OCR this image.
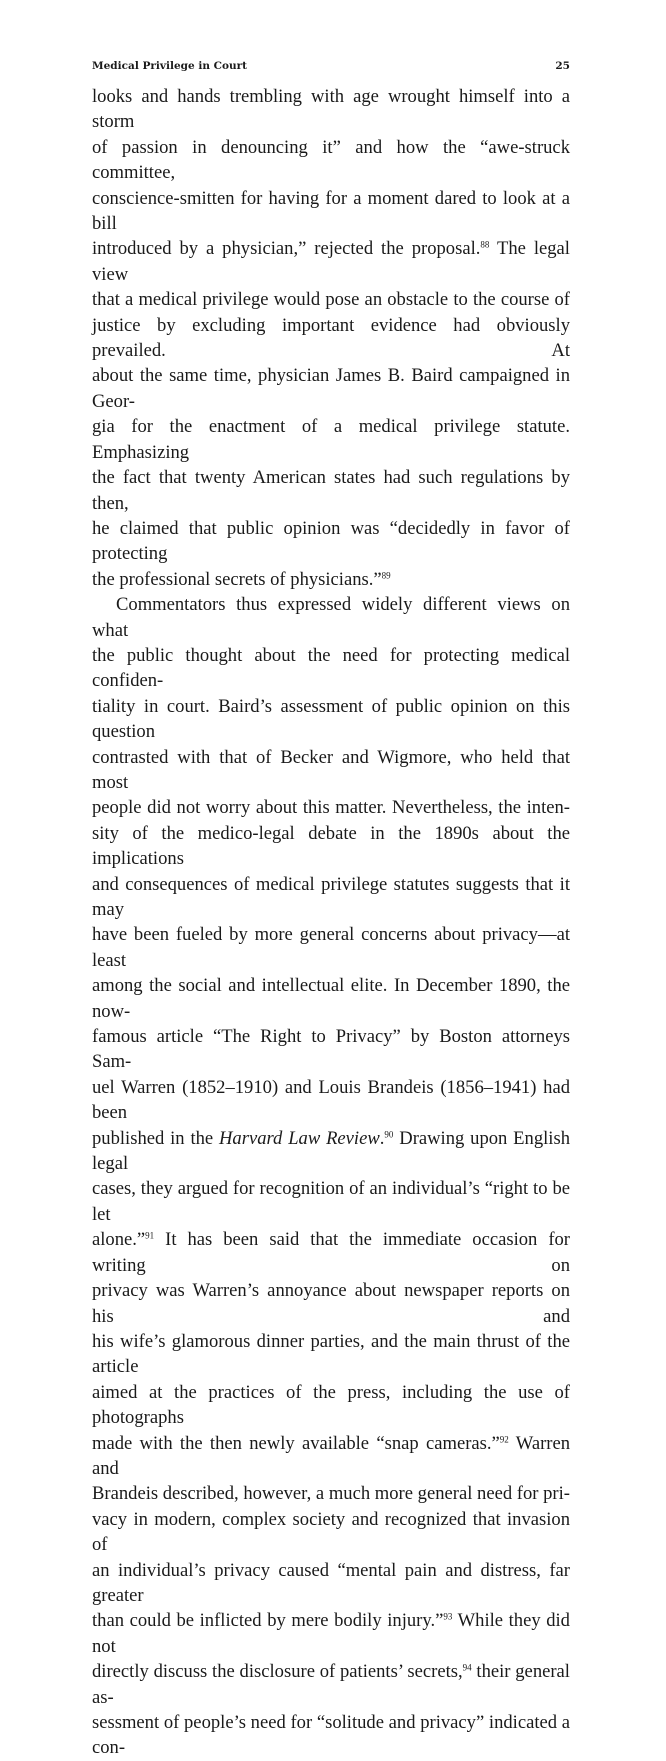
Medical Privilege in Court	25
looks and hands trembling with age wrought himself into a storm
of passion in denouncing it” and how the “awe-struck committee,
conscience-smitten for having for a moment dared to look at a bill
introduced by a physician,” rejected the proposal.$^{88}$ The legal view
that a medical privilege would pose an obstacle to the course of
justice by excluding important evidence had obviously prevailed. At
about the same time, physician James B. Baird campaigned in Geor-
gia for the enactment of a medical privilege statute. Emphasizing
the fact that twenty American states had such regulations by then,
he claimed that public opinion was “decidedly in favor of protecting
the professional secrets of physicians.”$^{89}$
Commentators thus expressed widely different views on what
the public thought about the need for protecting medical confiden-
tiality in court. Baird’s assessment of public opinion on this question
contrasted with that of Becker and Wigmore, who held that most
people did not worry about this matter. Nevertheless, the inten-
sity of the medico-legal debate in the 1890s about the implications
and consequences of medical privilege statutes suggests that it may
have been fueled by more general concerns about privacy—at least
among the social and intellectual elite. In December 1890, the now-
famous article “The Right to Privacy” by Boston attorneys Sam-
uel Warren (1852–1910) and Louis Brandeis (1856–1941) had been
published in the Harvard Law Review.$^{90}$ Drawing upon English legal
cases, they argued for recognition of an individual’s “right to be let
alone.”$^{91}$ It has been said that the immediate occasion for writing on
privacy was Warren’s annoyance about newspaper reports on his and
his wife’s glamorous dinner parties, and the main thrust of the article
aimed at the practices of the press, including the use of photographs
made with the then newly available “snap cameras.”$^{92}$ Warren and
Brandeis described, however, a much more general need for pri-
vacy in modern, complex society and recognized that invasion of
an individual’s privacy caused “mental pain and distress, far greater
than could be inflicted by mere bodily injury.”$^{93}$ While they did not
directly discuss the disclosure of patients’ secrets,$^{94}$ their general as-
sessment of people’s need for “solitude and privacy” indicated a con-
